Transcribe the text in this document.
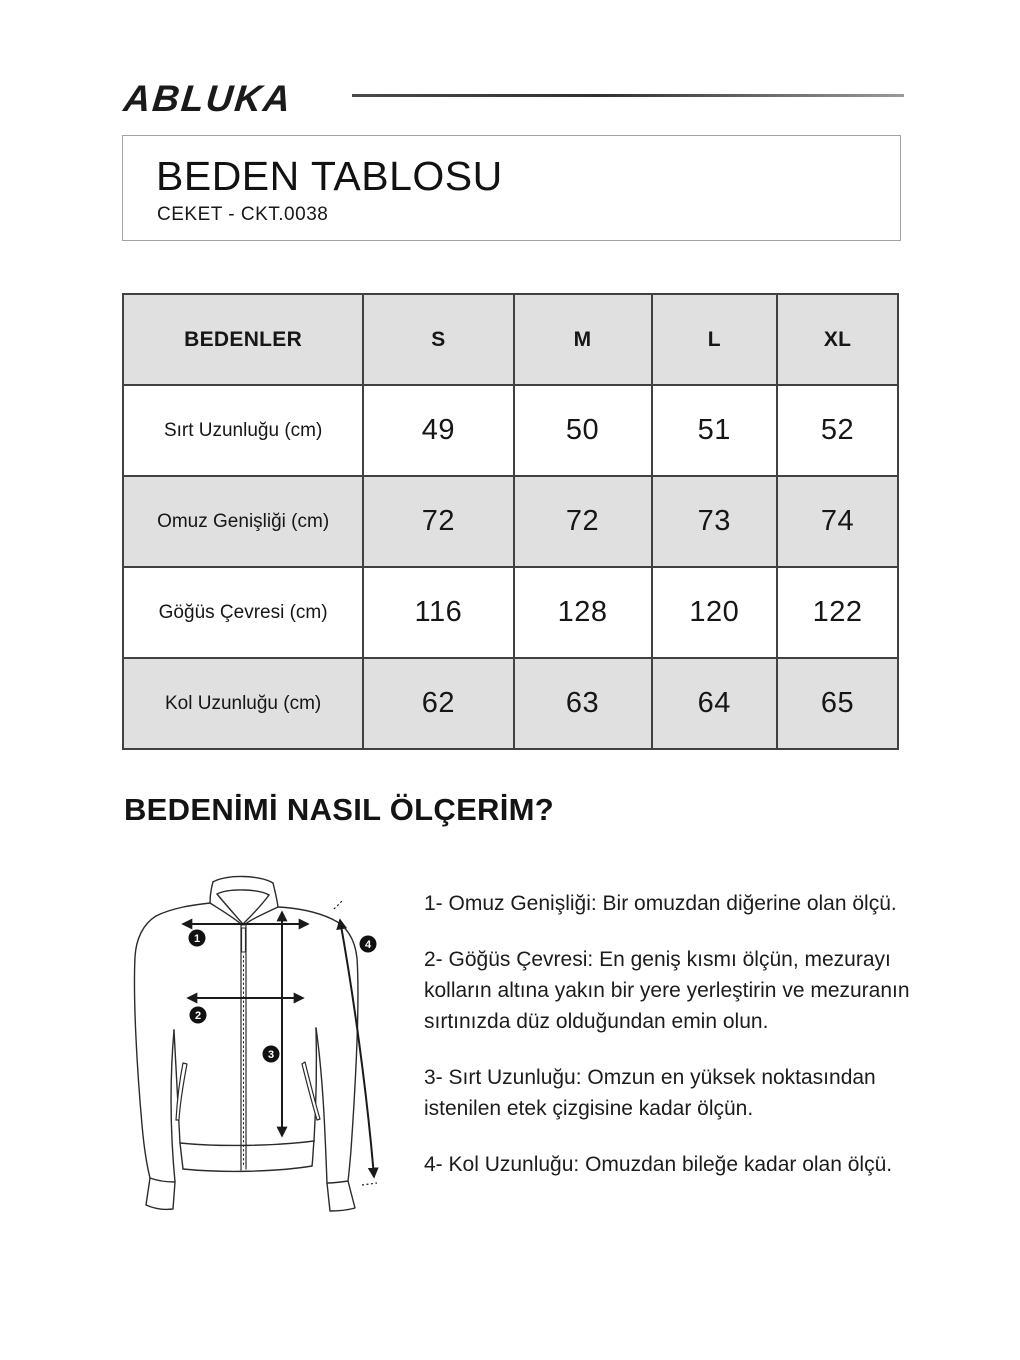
ABLUKA
BEDEN TABLOSU
CEKET - CKT.0038
BEDENLER	S	M	L	XL
Sırt Uzunluğu (cm)	49	50	51	52
Omuz Genişliği (cm)	72	72	73	74
Göğüs Çevresi (cm)	116	128	120	122
Kol Uzunluğu (cm)	62	63	64	65
BEDENİMİ NASIL ÖLÇERİM?
1
2
3
4

1- Omuz Genişliği: Bir omuzdan diğerine olan ölçü.

2- Göğüs Çevresi: En geniş kısmı ölçün, mezurayı kolların altına yakın bir yere yerleştirin ve mezuranın sırtınızda düz olduğundan emin olun.

3- Sırt Uzunluğu: Omzun en yüksek noktasından istenilen etek çizgisine kadar ölçün.

4- Kol Uzunluğu: Omuzdan bileğe kadar olan ölçü.
